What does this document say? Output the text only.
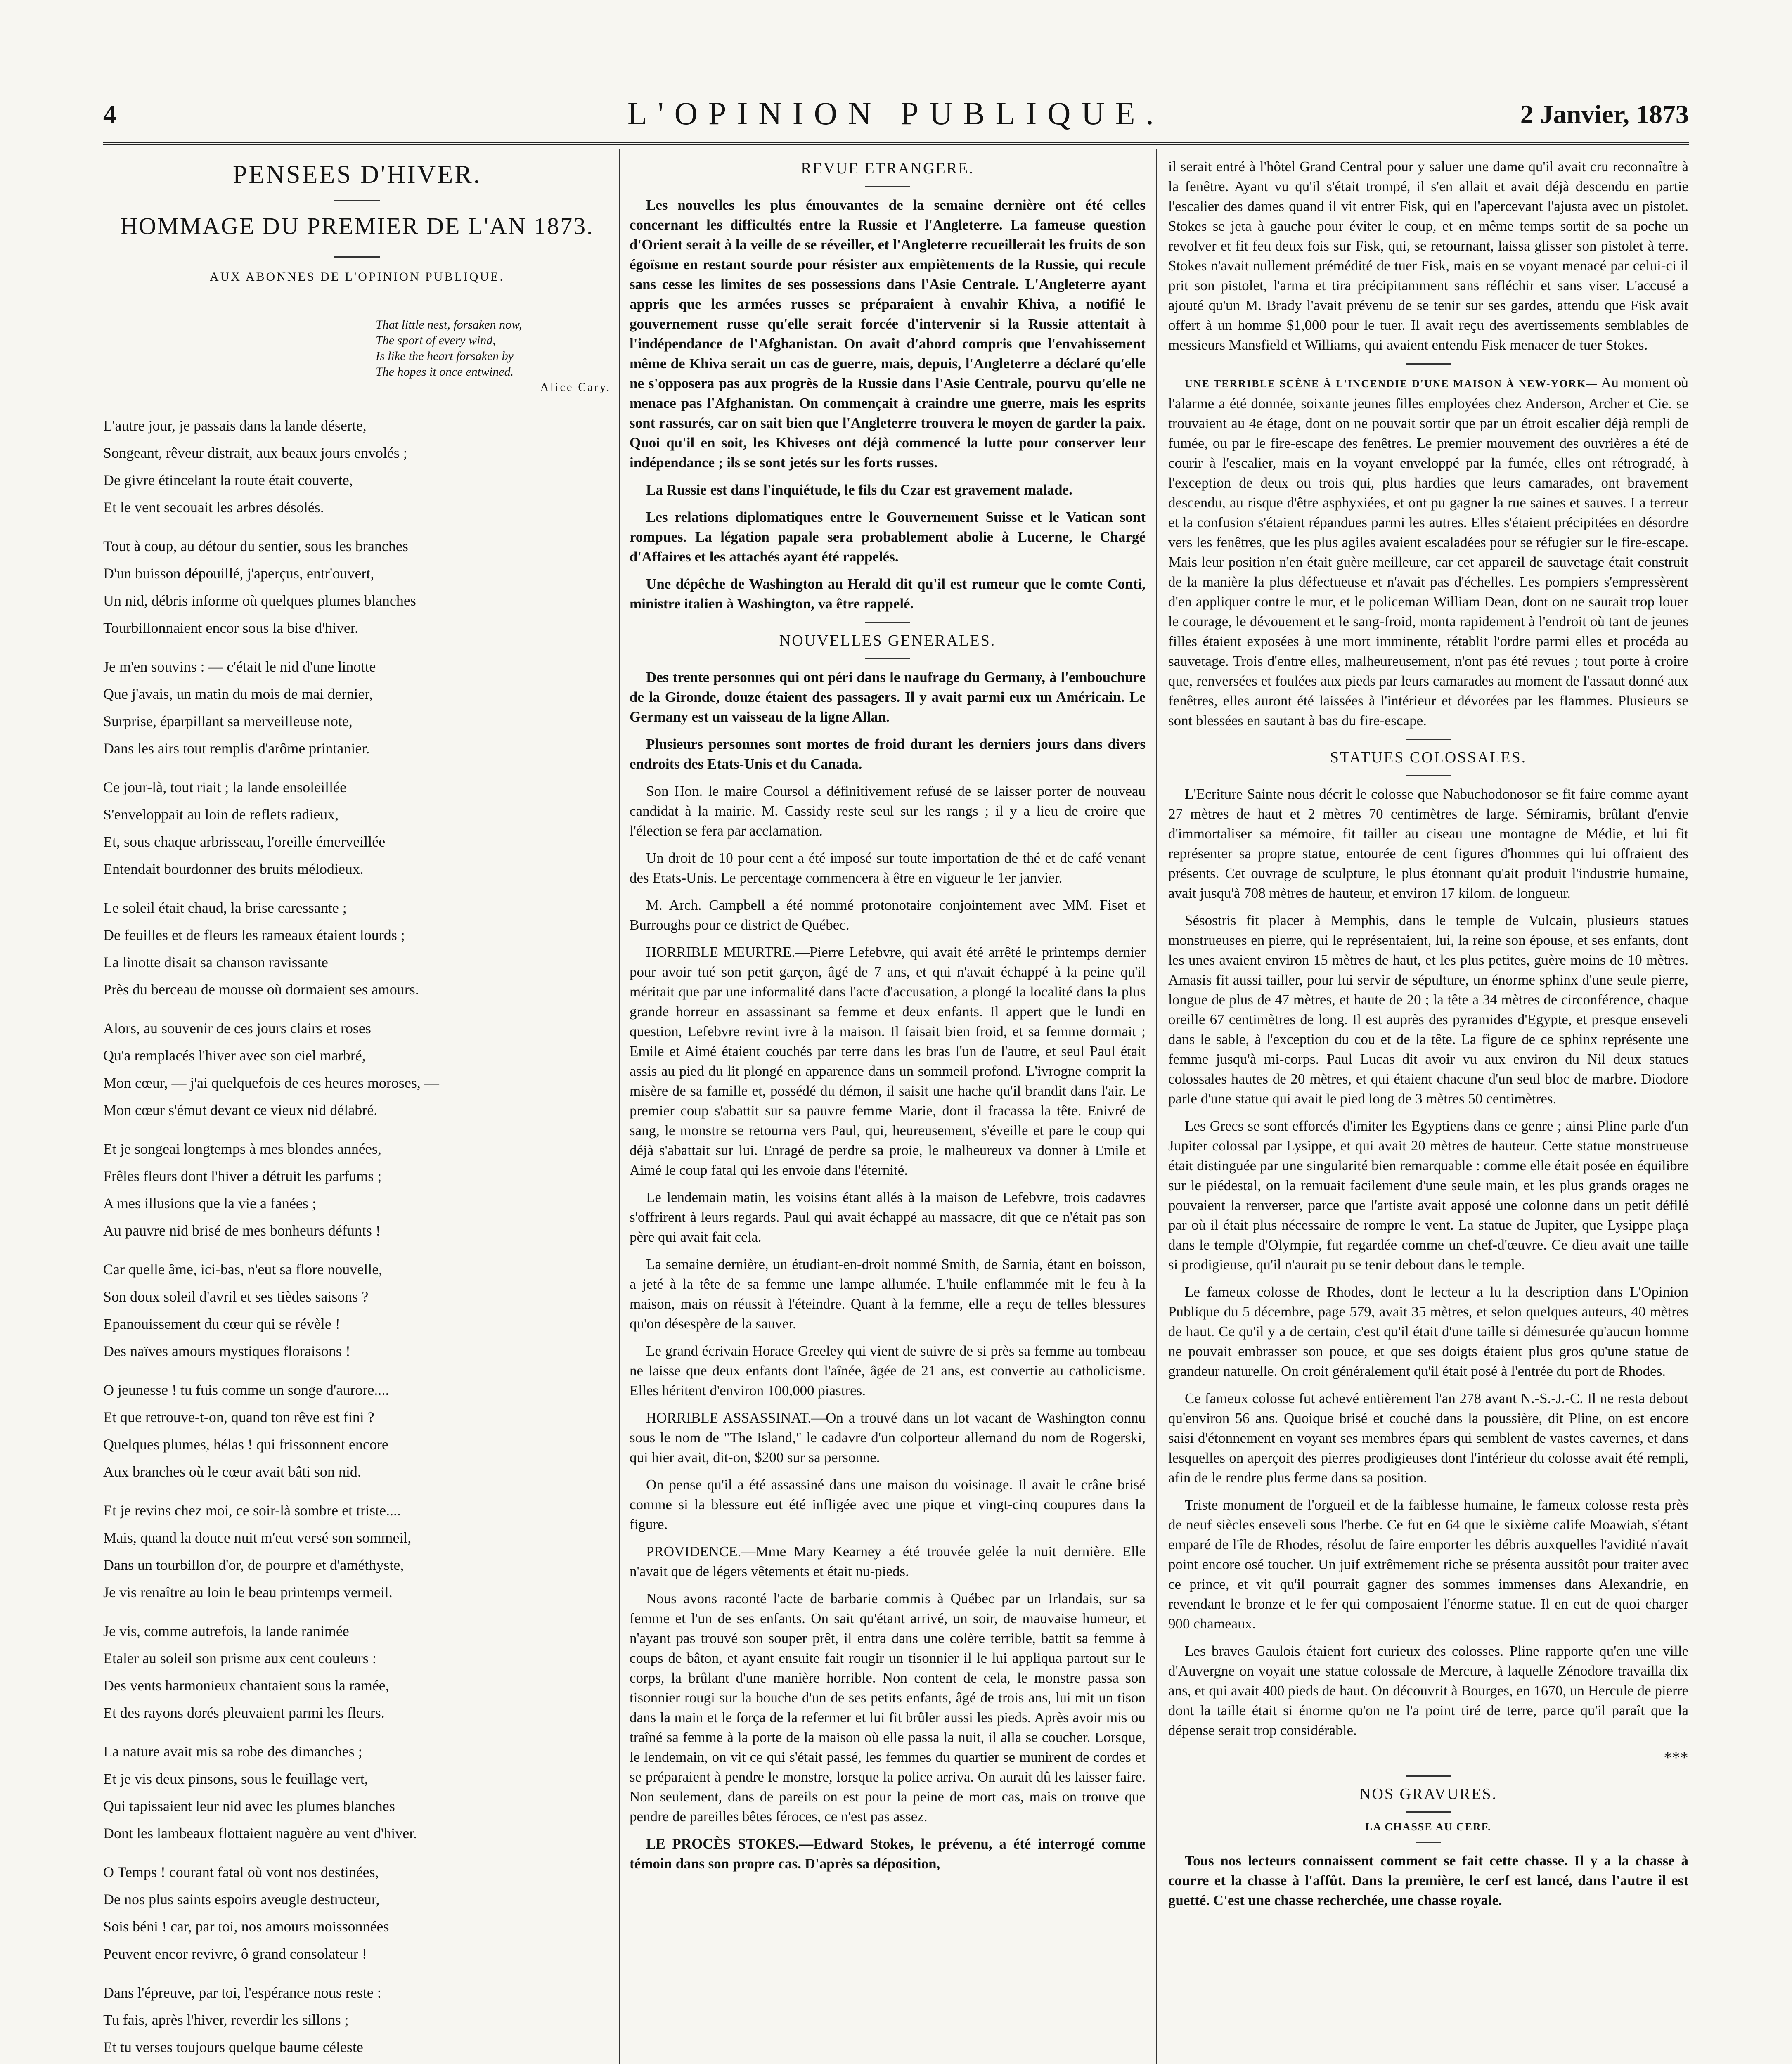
4	L'OPINION PUBLIQUE.	2 Janvier, 1873
PENSEES D'HIVER.
HOMMAGE DU PREMIER DE L'AN 1873.
AUX ABONNES DE L'OPINION PUBLIQUE.
That little nest, forsaken now,
The sport of every wind,
Is like the heart forsaken by
The hopes it once entwined.
Alice Cary.
L'autre jour, je passais dans la lande déserte,
Songeant, rêveur distrait, aux beaux jours envolés ;
De givre étincelant la route était couverte,
Et le vent secouait les arbres désolés.
Tout à coup, au détour du sentier, sous les branches
D'un buisson dépouillé, j'aperçus, entr'ouvert,
Un nid, débris informe où quelques plumes blanches
Tourbillonnaient encor sous la bise d'hiver.
Je m'en souvins : — c'était le nid d'une linotte
Que j'avais, un matin du mois de mai dernier,
Surprise, éparpillant sa merveilleuse note,
Dans les airs tout remplis d'arôme printanier.
Ce jour-là, tout riait ; la lande ensoleillée
S'enveloppait au loin de reflets radieux,
Et, sous chaque arbrisseau, l'oreille émerveillée
Entendait bourdonner des bruits mélodieux.
Le soleil était chaud, la brise caressante ;
De feuilles et de fleurs les rameaux étaient lourds ;
La linotte disait sa chanson ravissante
Près du berceau de mousse où dormaient ses amours.
Alors, au souvenir de ces jours clairs et roses
Qu'a remplacés l'hiver avec son ciel marbré,
Mon cœur, — j'ai quelquefois de ces heures moroses, —
Mon cœur s'émut devant ce vieux nid délabré.
Et je songeai longtemps à mes blondes années,
Frêles fleurs dont l'hiver a détruit les parfums ;
A mes illusions que la vie a fanées ;
Au pauvre nid brisé de mes bonheurs défunts !
Car quelle âme, ici-bas, n'eut sa flore nouvelle,
Son doux soleil d'avril et ses tièdes saisons ?
Epanouissement du cœur qui se révèle !
Des naïves amours mystiques floraisons !
O jeunesse ! tu fuis comme un songe d'aurore....
Et que retrouve-t-on, quand ton rêve est fini ?
Quelques plumes, hélas ! qui frissonnent encore
Aux branches où le cœur avait bâti son nid.
Et je revins chez moi, ce soir-là sombre et triste....
Mais, quand la douce nuit m'eut versé son sommeil,
Dans un tourbillon d'or, de pourpre et d'améthyste,
Je vis renaître au loin le beau printemps vermeil.
Je vis, comme autrefois, la lande ranimée
Etaler au soleil son prisme aux cent couleurs :
Des vents harmonieux chantaient sous la ramée,
Et des rayons dorés pleuvaient parmi les fleurs.
La nature avait mis sa robe des dimanches ;
Et je vis deux pinsons, sous le feuillage vert,
Qui tapissaient leur nid avec les plumes blanches
Dont les lambeaux flottaient naguère au vent d'hiver.
O Temps ! courant fatal où vont nos destinées,
De nos plus saints espoirs aveugle destructeur,
Sois béni ! car, par toi, nos amours moissonnées
Peuvent encor revivre, ô grand consolateur !
Dans l'épreuve, par toi, l'espérance nous reste :
Tu fais, après l'hiver, reverdir les sillons ;
Et tu verses toujours quelque baume céleste
REVUE ETRANGERE.

Les nouvelles les plus émouvantes de la semaine dernière ont été celles concernant les difficultés entre la Russie et l'Angleterre. La fameuse question d'Orient serait à la veille de se réveiller, et l'Angleterre recueillerait les fruits de son égoïsme en restant sourde pour résister aux empiètements de la Russie, qui recule sans cesse les limites de ses possessions dans l'Asie Centrale. L'Angleterre ayant appris que les armées russes se préparaient à envahir Khiva, a notifié le gouvernement russe qu'elle serait forcée d'intervenir si la Russie attentait à l'indépendance de l'Afghanistan. On avait d'abord compris que l'envahissement même de Khiva serait un cas de guerre, mais, depuis, l'Angleterre a déclaré qu'elle ne s'opposera pas aux progrès de la Russie dans l'Asie Centrale, pourvu qu'elle ne menace pas l'Afghanistan. On commençait à craindre une guerre, mais les esprits sont rassurés, car on sait bien que l'Angleterre trouvera le moyen de garder la paix. Quoi qu'il en soit, les Khiveses ont déjà commencé la lutte pour conserver leur indépendance ; ils se sont jetés sur les forts russes.

La Russie est dans l'inquiétude, le fils du Czar est gravement malade.

Les relations diplomatiques entre le Gouvernement Suisse et le Vatican sont rompues. La légation papale sera probablement abolie à Lucerne, le Chargé d'Affaires et les attachés ayant été rappelés.

Une dépêche de Washington au Herald dit qu'il est rumeur que le comte Conti, ministre italien à Washington, va être rappelé.

NOUVELLES GENERALES.

Des trente personnes qui ont péri dans le naufrage du Germany, à l'embouchure de la Gironde, douze étaient des passagers. Il y avait parmi eux un Américain. Le Germany est un vaisseau de la ligne Allan.

Plusieurs personnes sont mortes de froid durant les derniers jours dans divers endroits des Etats-Unis et du Canada.

Son Hon. le maire Coursol a définitivement refusé de se laisser porter de nouveau candidat à la mairie. M. Cassidy reste seul sur les rangs ; il y a lieu de croire que l'élection se fera par acclamation.

Un droit de 10 pour cent a été imposé sur toute importation de thé et de café venant des Etats-Unis. Le percentage commencera à être en vigueur le 1er janvier.

M. Arch. Campbell a été nommé protonotaire conjointement avec MM. Fiset et Burroughs pour ce district de Québec.

HORRIBLE MEURTRE.—Pierre Lefebvre, qui avait été arrêté le printemps dernier pour avoir tué son petit garçon, âgé de 7 ans, et qui n'avait échappé à la peine qu'il méritait que par une informalité dans l'acte d'accusation, a plongé la localité dans la plus grande horreur en assassinant sa femme et deux enfants. Il appert que le lundi en question, Lefebvre revint ivre à la maison. Il faisait bien froid, et sa femme dormait ; Emile et Aimé étaient couchés par terre dans les bras l'un de l'autre, et seul Paul était assis au pied du lit plongé en apparence dans un sommeil profond. L'ivrogne comprit la misère de sa famille et, possédé du démon, il saisit une hache qu'il brandit dans l'air. Le premier coup s'abattit sur sa pauvre femme Marie, dont il fracassa la tête. Enivré de sang, le monstre se retourna vers Paul, qui, heureusement, s'éveille et pare le coup qui déjà s'abattait sur lui. Enragé de perdre sa proie, le malheureux va donner à Emile et Aimé le coup fatal qui les envoie dans l'éternité.

Le lendemain matin, les voisins étant allés à la maison de Lefebvre, trois cadavres s'offrirent à leurs regards. Paul qui avait échappé au massacre, dit que ce n'était pas son père qui avait fait cela.

La semaine dernière, un étudiant-en-droit nommé Smith, de Sarnia, étant en boisson, a jeté à la tête de sa femme une lampe allumée. L'huile enflammée mit le feu à la maison, mais on réussit à l'éteindre. Quant à la femme, elle a reçu de telles blessures qu'on désespère de la sauver.

Le grand écrivain Horace Greeley qui vient de suivre de si près sa femme au tombeau ne laisse que deux enfants dont l'aînée, âgée de 21 ans, est convertie au catholicisme. Elles héritent d'environ 100,000 piastres.

HORRIBLE ASSASSINAT.—On a trouvé dans un lot vacant de Washington connu sous le nom de "The Island," le cadavre d'un colporteur allemand du nom de Rogerski, qui hier avait, dit-on, $200 sur sa personne.

On pense qu'il a été assassiné dans une maison du voisinage. Il avait le crâne brisé comme si la blessure eut été infligée avec une pique et vingt-cinq coupures dans la figure.

PROVIDENCE.—Mme Mary Kearney a été trouvée gelée la nuit dernière. Elle n'avait que de légers vêtements et était nu-pieds.

Nous avons raconté l'acte de barbarie commis à Québec par un Irlandais, sur sa femme et l'un de ses enfants. On sait qu'étant arrivé, un soir, de mauvaise humeur, et n'ayant pas trouvé son souper prêt, il entra dans une colère terrible, battit sa femme à coups de bâton, et ayant ensuite fait rougir un tisonnier il le lui appliqua partout sur le corps, la brûlant d'une manière horrible. Non content de cela, le monstre passa son tisonnier rougi sur la bouche d'un de ses petits enfants, âgé de trois ans, lui mit un tison dans la main et le força de la refermer et lui fit brûler aussi les pieds. Après avoir mis ou traîné sa femme à la porte de la maison où elle passa la nuit, il alla se coucher. Lorsque, le lendemain, on vit ce qui s'était passé, les femmes du quartier se munirent de cordes et se préparaient à pendre le monstre, lorsque la police arriva. On aurait dû les laisser faire. Non seulement, dans de pareils on est pour la peine de mort cas, mais on trouve que pendre de pareilles bêtes féroces, ce n'est pas assez.

LE PROCÈS STOKES.—Edward Stokes, le prévenu, a été interrogé comme témoin dans son propre cas. D'après sa déposition,

il serait entré à l'hôtel Grand Central pour y saluer une dame qu'il avait cru reconnaître à la fenêtre. Ayant vu qu'il s'était trompé, il s'en allait et avait déjà descendu en partie l'escalier des dames quand il vit entrer Fisk, qui en l'apercevant l'ajusta avec un pistolet. Stokes se jeta à gauche pour éviter le coup, et en même temps sortit de sa poche un revolver et fit feu deux fois sur Fisk, qui, se retournant, laissa glisser son pistolet à terre. Stokes n'avait nullement prémédité de tuer Fisk, mais en se voyant menacé par celui-ci il prit son pistolet, l'arma et tira précipitamment sans réfléchir et sans viser. L'accusé a ajouté qu'un M. Brady l'avait prévenu de se tenir sur ses gardes, attendu que Fisk avait offert à un homme $1,000 pour le tuer. Il avait reçu des avertissements semblables de messieurs Mansfield et Williams, qui avaient entendu Fisk menacer de tuer Stokes.

UNE TERRIBLE SCÈNE À L'INCENDIE D'UNE MAISON À NEW-YORK— Au moment où l'alarme a été donnée, soixante jeunes filles employées chez Anderson, Archer et Cie. se trouvaient au 4e étage, dont on ne pouvait sortir que par un étroit escalier déjà rempli de fumée, ou par le fire-escape des fenêtres. Le premier mouvement des ouvrières a été de courir à l'escalier, mais en la voyant enveloppé par la fumée, elles ont rétrogradé, à l'exception de deux ou trois qui, plus hardies que leurs camarades, ont bravement descendu, au risque d'être asphyxiées, et ont pu gagner la rue saines et sauves. La terreur et la confusion s'étaient répandues parmi les autres. Elles s'étaient précipitées en désordre vers les fenêtres, que les plus agiles avaient escaladées pour se réfugier sur le fire-escape. Mais leur position n'en était guère meilleure, car cet appareil de sauvetage était construit de la manière la plus défectueuse et n'avait pas d'échelles. Les pompiers s'empressèrent d'en appliquer contre le mur, et le policeman William Dean, dont on ne saurait trop louer le courage, le dévouement et le sang-froid, monta rapidement à l'endroit où tant de jeunes filles étaient exposées à une mort imminente, rétablit l'ordre parmi elles et procéda au sauvetage. Trois d'entre elles, malheureusement, n'ont pas été revues ; tout porte à croire que, renversées et foulées aux pieds par leurs camarades au moment de l'assaut donné aux fenêtres, elles auront été laissées à l'intérieur et dévorées par les flammes. Plusieurs se sont blessées en sautant à bas du fire-escape.

STATUES COLOSSALES.

L'Ecriture Sainte nous décrit le colosse que Nabuchodonosor se fit faire comme ayant 27 mètres de haut et 2 mètres 70 centimètres de large. Sémiramis, brûlant d'envie d'immortaliser sa mémoire, fit tailler au ciseau une montagne de Médie, et lui fit représenter sa propre statue, entourée de cent figures d'hommes qui lui offraient des présents. Cet ouvrage de sculpture, le plus étonnant qu'ait produit l'industrie humaine, avait jusqu'à 708 mètres de hauteur, et environ 17 kilom. de longueur.

Sésostris fit placer à Memphis, dans le temple de Vulcain, plusieurs statues monstrueuses en pierre, qui le représentaient, lui, la reine son épouse, et ses enfants, dont les unes avaient environ 15 mètres de haut, et les plus petites, guère moins de 10 mètres. Amasis fit aussi tailler, pour lui servir de sépulture, un énorme sphinx d'une seule pierre, longue de plus de 47 mètres, et haute de 20 ; la tête a 34 mètres de circonférence, chaque oreille 67 centimètres de long. Il est auprès des pyramides d'Egypte, et presque enseveli dans le sable, à l'exception du cou et de la tête. La figure de ce sphinx représente une femme jusqu'à mi-corps. Paul Lucas dit avoir vu aux environ du Nil deux statues colossales hautes de 20 mètres, et qui étaient chacune d'un seul bloc de marbre. Diodore parle d'une statue qui avait le pied long de 3 mètres 50 centimètres.

Les Grecs se sont efforcés d'imiter les Egyptiens dans ce genre ; ainsi Pline parle d'un Jupiter colossal par Lysippe, et qui avait 20 mètres de hauteur. Cette statue monstrueuse était distinguée par une singularité bien remarquable : comme elle était posée en équilibre sur le piédestal, on la remuait facilement d'une seule main, et les plus grands orages ne pouvaient la renverser, parce que l'artiste avait apposé une colonne dans un petit défilé par où il était plus nécessaire de rompre le vent. La statue de Jupiter, que Lysippe plaça dans le temple d'Olympie, fut regardée comme un chef-d'œuvre. Ce dieu avait une taille si prodigieuse, qu'il n'aurait pu se tenir debout dans le temple.

Le fameux colosse de Rhodes, dont le lecteur a lu la description dans L'Opinion Publique du 5 décembre, page 579, avait 35 mètres, et selon quelques auteurs, 40 mètres de haut. Ce qu'il y a de certain, c'est qu'il était d'une taille si démesurée qu'aucun homme ne pouvait embrasser son pouce, et que ses doigts étaient plus gros qu'une statue de grandeur naturelle. On croit généralement qu'il était posé à l'entrée du port de Rhodes.

Ce fameux colosse fut achevé entièrement l'an 278 avant N.-S.-J.-C. Il ne resta debout qu'environ 56 ans. Quoique brisé et couché dans la poussière, dit Pline, on est encore saisi d'étonnement en voyant ses membres épars qui semblent de vastes cavernes, et dans lesquelles on aperçoit des pierres prodigieuses dont l'intérieur du colosse avait été rempli, afin de le rendre plus ferme dans sa position.

Triste monument de l'orgueil et de la faiblesse humaine, le fameux colosse resta près de neuf siècles enseveli sous l'herbe. Ce fut en 64 que le sixième calife Moawiah, s'étant emparé de l'île de Rhodes, résolut de faire emporter les débris auxquelles l'avidité n'avait point encore osé toucher. Un juif extrêmement riche se présenta aussitôt pour traiter avec ce prince, et vit qu'il pourrait gagner des sommes immenses dans Alexandrie, en revendant le bronze et le fer qui composaient l'énorme statue. Il en eut de quoi charger 900 chameaux.

Les braves Gaulois étaient fort curieux des colosses. Pline rapporte qu'en une ville d'Auvergne on voyait une statue colossale de Mercure, à laquelle Zénodore travailla dix ans, et qui avait 400 pieds de haut. On découvrit à Bourges, en 1670, un Hercule de pierre dont la taille était si énorme qu'on ne l'a point tiré de terre, parce qu'il paraît que la dépense serait trop considérable.

***
NOS GRAVURES.
LA CHASSE AU CERF.

Tous nos lecteurs connaissent comment se fait cette chasse. Il y a la chasse à courre et la chasse à l'affût. Dans la première, le cerf est lancé, dans l'autre il est guetté. C'est une chasse recherchée, une chasse royale.
